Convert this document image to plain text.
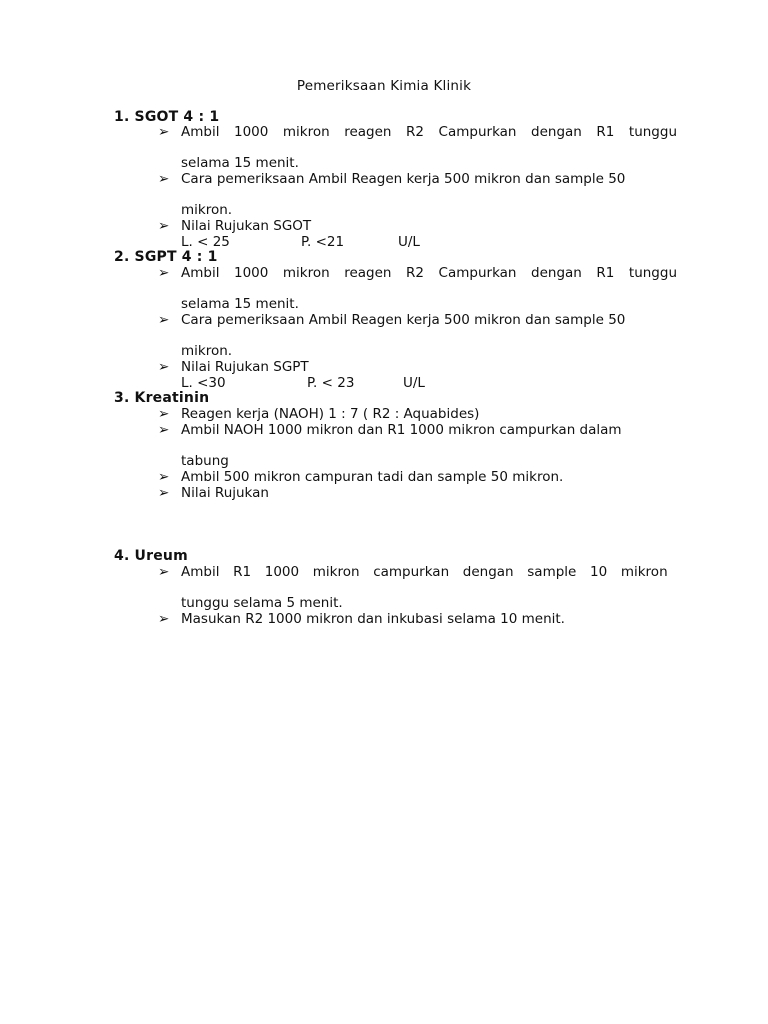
Pemeriksaan Kimia Klinik
1. SGOT 4 : 1
➢ Ambil 1000 mikron reagen R2 Campurkan dengan R1 tunggu
selama 15 menit.
➢ Cara pemeriksaan Ambil Reagen kerja 500 mikron dan sample 50
mikron.
➢ Nilai Rujukan SGOT
L. < 25	P. <21	U/L
2. SGPT 4 : 1
➢ Ambil 1000 mikron reagen R2 Campurkan dengan R1 tunggu
selama 15 menit.
➢ Cara pemeriksaan Ambil Reagen kerja 500 mikron dan sample 50
mikron.
➢ Nilai Rujukan SGPT
L. <30	P. < 23	U/L
3. Kreatinin
➢ Reagen kerja (NAOH) 1 : 7 ( R2 : Aquabides)
➢ Ambil NAOH 1000 mikron dan R1 1000 mikron campurkan dalam
tabung
➢ Ambil 500 mikron campuran tadi dan sample 50 mikron.
➢ Nilai Rujukan
4. Ureum
➢ Ambil R1 1000 mikron campurkan dengan sample 10 mikron
tunggu selama 5 menit.
➢ Masukan R2 1000 mikron dan inkubasi selama 10 menit.
